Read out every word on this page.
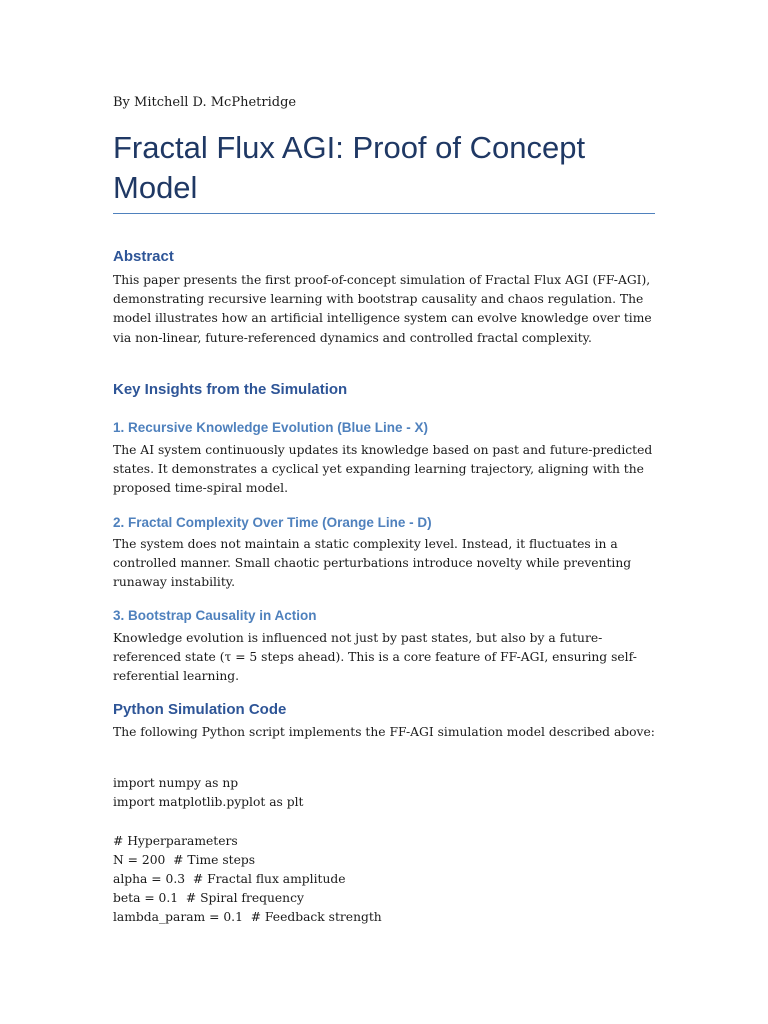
By Mitchell D. McPhetridge
Fractal Flux AGI: Proof of Concept Model
Abstract

This paper presents the first proof-of-concept simulation of Fractal Flux AGI (FF-AGI), demonstrating recursive learning with bootstrap causality and chaos regulation. The model illustrates how an artificial intelligence system can evolve knowledge over time via non-linear, future-referenced dynamics and controlled fractal complexity.

Key Insights from the Simulation
1. Recursive Knowledge Evolution (Blue Line - X)

The AI system continuously updates its knowledge based on past and future-predicted states. It demonstrates a cyclical yet expanding learning trajectory, aligning with the proposed time-spiral model.

2. Fractal Complexity Over Time (Orange Line - D)

The system does not maintain a static complexity level. Instead, it fluctuates in a controlled manner. Small chaotic perturbations introduce novelty while preventing runaway instability.

3. Bootstrap Causality in Action

Knowledge evolution is influenced not just by past states, but also by a future-referenced state (τ = 5 steps ahead). This is a core feature of FF-AGI, ensuring self-referential learning.

Python Simulation Code

The following Python script implements the FF-AGI simulation model described above:

import numpy as np
import matplotlib.pyplot as plt
# Hyperparameters
N = 200  # Time steps
alpha = 0.3  # Fractal flux amplitude
beta = 0.1  # Spiral frequency
lambda_param = 0.1  # Feedback strength
